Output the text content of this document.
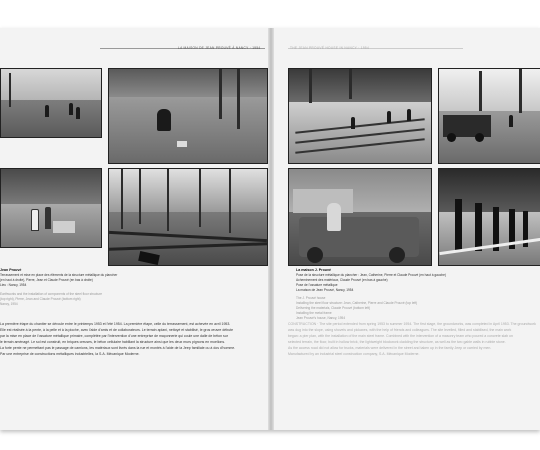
LA MAISON DE JEAN PROUVÉ À NANCY · 1954	THE JEAN PROUVÉ HOUSE IN NANCY · 1954
Jean Prouvé
Terrassement et mise en place des éléments de la structure métallique du plancher
(en haut à droite), Pierre, Jean et Claude Prouvé (en bas à droite)
Lieu : Nancy, 1954
Earthworks and the installation of components of the steel floor structure
(top right), Pierre, Jean and Claude Prouvé (bottom right)
Nancy, 1954
La première étape du chantier se déroule entre le printemps 1953 et l'été 1954. La première étape, celle du terrassement, est achevée en avril 1953.
Elle est réalisée à la pente, à la pelle et à la pioche, avec l'aide d'amis et de collaborateurs. Le terrain aplani, nettoyé et stabilisé, le gros œuvre débute
par la mise en place de l'ossature métallique primaire, complétée par l'intervention d'une entreprise de maçonnerie qui coule une dalle de béton sur
le terrain aménagé. Le sol est construit, en briques creuses, le béton cellulaire habillant la structure ainsi que les deux murs pignons en moellons.
La forte pente ne permettant pas le passage de camions, les matériaux sont livrés dans la rue et montés à l'aide de la Jeep familiale ou à dos d'homme.
Par une entreprise de constructions métalliques industrielles, la S.A. Mécanique Moderne.
La maison J. Prouvé
Pose de la structure métallique du plancher : Jean, Catherine, Pierre et Claude Prouvé (en haut à gauche)
Acheminement des matériaux, Claude Prouvé (en bas à gauche)
Pose de l'ossature métallique
La maison de Jean Prouvé, Nancy, 1954
The J. Prouvé house
Installing the steel floor structure: Jean, Catherine, Pierre and Claude Prouvé (top left)
Delivering the materials, Claude Prouvé (bottom left)
Installing the metal frame
Jean Prouvé's house, Nancy, 1954
CONSTRUCTION · The site period extended from spring 1953 to summer 1954. The first stage, the groundworks, was completed in April 1953. The groundwork
was dug into the slope, using shovels and pickaxes, with the help of friends and colleagues. The site levelled, filled and stabilised, the main work
began: a pier plan, with the installation of the main steel frame. Combined with the intervention of a masonry team who poured a concrete slab on
selected terrain, the floor, built in hollow brick, the lightweight blockwork cladding the structure, as well as the two gable walls in rubble stone.
As the access road did not allow for trucks, materials were delivered in the street and taken up in the family Jeep or carried by men.
Manufactured by an industrial steel construction company, S.A. Mécanique Moderne.
